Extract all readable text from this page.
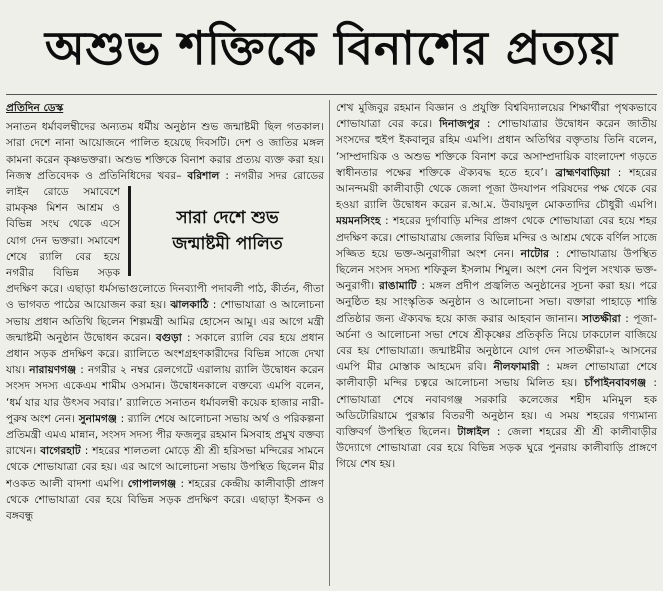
অশুভ শক্তিকে বিনাশের প্রত্যয়
প্রতিদিন ডেস্ক

সনাতন ধর্মাবলম্বীদের অন্যতম ধর্মীয় অনুষ্ঠান শুভ জন্মাষ্টমী ছিল গতকাল। সারা দেশে নানা আয়োজনে পালিত হয়েছে দিবসটি। দেশ ও জাতির মঙ্গল কামনা করেন কৃষ্ণভক্তরা। অশুভ শক্তিকে বিনাশ করার প্রত্যয় ব্যক্ত করা হয়। নিজস্ব প্রতিবেদক ও প্রতিনিধিদের খবর– বরিশাল
সারা দেশে শুভ
জন্মাষ্টমী পালিত
: নগরীর সদর রোডের লাইন রোডে সমাবেশে রামকৃষ্ণ মিশন আশ্রম ও বিভিন্ন সংঘ থেকে এসে যোগ দেন ভক্তরা। সমাবেশ শেষে র‍্যালি বের হয়ে নগরীর বিভিন্ন সড়ক প্রদক্ষিণ করে। এছাড়া ধর্মসভাগুলোতে দিনব্যাপী পদাবলী পাঠ, কীর্তন, গীতা ও ভাগবত পাঠের আয়োজন করা হয়। ঝালকাঠি : শোভাযাত্রা ও আলোচনা সভায় প্রধান অতিথি ছিলেন শিল্পমন্ত্রী আমির হোসেন আমু। এর আগে মন্ত্রী জন্মাষ্টমী অনুষ্ঠান উদ্বোধন করেন। বগুড়া : সকালে র‍্যালি বের হয়ে প্রধান প্রধান সড়ক প্রদক্ষিণ করে। র‍্যালিতে অংশগ্রহণকারীদের বিভিন্ন সাজে দেখা যায়। নারায়ণগঞ্জ : নগরীর ২ নম্বর রেলগেটে এরালায় র‍্যালি উদ্বোধন করেন সংসদ সদস্য একেএম শামীম ওসমান। উদ্বোধনকালে বক্তব্যে এমপি বলেন, ‘ধর্ম যার যার উৎসব সবার।’ র‍্যালিতে সনাতন ধর্মাবলম্বী কয়েক হাজার নারী-পুরুষ অংশ নেন। সুনামগঞ্জ : র‍্যালি শেষে আলোচনা সভায় অর্থ ও পরিকল্পনা প্রতিমন্ত্রী এমএ মান্নান, সংসদ সদস্য পীর ফজলুর রহমান মিসবাহ প্রমুখ বক্তব্য রাখেন। বাগেরহাট : শহরের শালতলা মোড়ে শ্রী শ্রী হরিসভা মন্দিরের সামনে থেকে শোভাযাত্রা বের হয়। এর আগে আলোচনা সভায় উপস্থিত ছিলেন মীর শওকত আলী বাদশা এমপি। গোপালগঞ্জ : শহরের কেন্দ্রীয় কালীবাড়ী প্রাঙ্গণ থেকে শোভাযাত্রা বের হয়ে বিভিন্ন সড়ক প্রদক্ষিণ করে। এছাড়া ইসকন ও বঙ্গবন্ধু

শেখ মুজিবুর রহমান বিজ্ঞান ও প্রযুক্তি বিশ্ববিদ্যালয়ের শিক্ষার্থীরা পৃথকভাবে শোভাযাত্রা বের করে। দিনাজপুর : শোভাযাত্রার উদ্বোধন করেন জাতীয় সংসদের হুইপ ইকবালুর রহিম এমপি। প্রধান অতিথির বক্তৃতায় তিনি বলেন, ‘সাম্প্রদায়িক ও অশুভ শক্তিকে বিনাশ করে অসাম্প্রদায়িক বাংলাদেশ গড়তে স্বাধীনতার পক্ষের শক্তিকে ঐক্যবদ্ধ হতে হবে’। ব্রাহ্মণবাড়িয়া : শহরের আনন্দময়ী কালীবাড়ী থেকে জেলা পূজা উদযাপন পরিষদের পক্ষ থেকে বের হওয়া র‍্যালি উদ্বোধন করেন র.আ.ম. উবায়দুল মোকতাদির চৌধুরী এমপি। ময়মনসিংহ : শহরের দুর্গাবাড়ি মন্দির প্রাঙ্গণ থেকে শোভাযাত্রা বের হয়ে শহর প্রদক্ষিণ করে। শোভাযাত্রায় জেলার বিভিন্ন মন্দির ও আশ্রম থেকে বর্ণিল সাজে সজ্জিত হয়ে ভক্ত-অনুরাগীরা অংশ নেন। নাটোর : শোভাযাত্রায় উপস্থিত ছিলেন সংসদ সদস্য শফিকুল ইসলাম শিমুল। অংশ নেন বিপুল সংখ্যক ভক্ত-অনুরাগী। রাঙামাটি : মঙ্গল প্রদীপ প্রজ্বলিত অনুষ্ঠানের সূচনা করা হয়। পরে অনুষ্ঠিত হয় সাংস্কৃতিক অনুষ্ঠান ও আলোচনা সভা। বক্তারা পাহাড়ে শান্তি প্রতিষ্ঠার জন্য ঐক্যবদ্ধ হয়ে কাজ করার আহবান জানান। সাতক্ষীরা : পূজা-অর্চনা ও আলোচনা সভা শেষে শ্রীকৃষ্ণের প্রতিকৃতি নিয়ে ঢাকঢোল বাজিয়ে বের হয় শোভাযাত্রা। জন্মাষ্টমীর অনুষ্ঠানে যোগ দেন সাতক্ষীরা-২ আসনের এমপি মীর মোস্তাক আহমেদ রবি। নীলফামারী : মঙ্গল শোভাযাত্রা শেষে কালীবাড়ী মন্দির চত্বরে আলোচনা সভায় মিলিত হয়। চাঁপাইনবাবগঞ্জ : শোভাযাত্রা শেষে নবাবগঞ্জ সরকারি কলেজের শহীদ মনিমুল হক অডিটোরিয়ামে পুরস্কার বিতরণী অনুষ্ঠান হয়। এ সময় শহরের গণ্যমান্য ব্যক্তিবর্গ উপস্থিত ছিলেন। টাঙ্গাইল : জেলা শহরের শ্রী শ্রী কালীবাড়ীর উদ্যোগে শোভাযাত্রা বের হয়ে বিভিন্ন সড়ক ঘুরে পুনরায় কালীবাড়ি প্রাঙ্গণে গিয়ে শেষ হয়।
